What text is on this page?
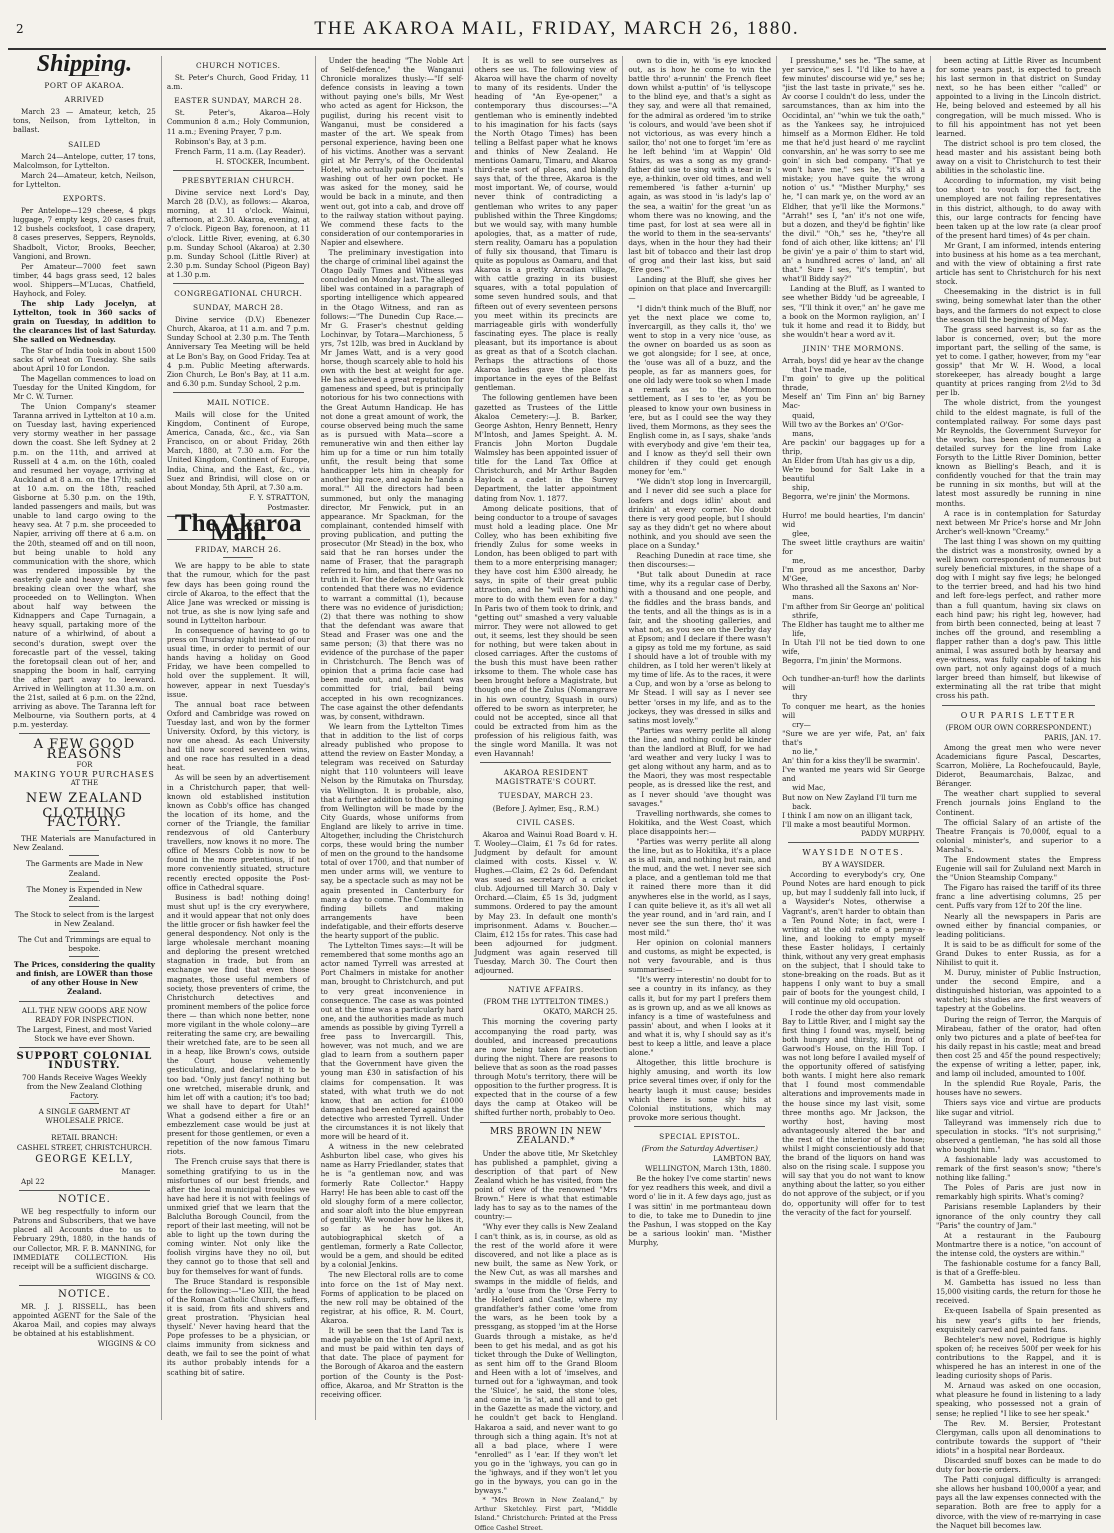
2	THE AKAROA MAIL, FRIDAY, MARCH 26, 1880.
Shipping.

PORT OF AKAROA.

ARRIVED

March 23 — Amateur, ketch, 25 tons, Neilson, from Lyttelton, in ballast.

SAILED

March 24—Antelope, cutter, 17 tons, Malcolmson, for Lyttelton.

March 24—Amateur, ketch, Neilson, for Lyttelton.

EXPORTS.

Per Antelope—129 cheese, 4 pkgs luggage, 7 empty kegs, 20 cases fruit, 12 bushels cocksfoot, 1 case drapery, 8 cases preserves, Seppers, Reynolds, Shadbolt, Victor, Brooks, Beecher, Vangioni, and Brown.

Per Amateur—7000 feet sawn timber, 44 bags grass seed, 12 bales wool. Shippers—M'Lucas, Chatfield, Hayhock, and Foley.

The ship Lady Jocelyn, at Lyttelton, took in 360 sacks of grain on Tuesday, in addition to the clearances list of last Saturday. She sailed on Wednesday.

The Star of India took in about 1500 sacks of wheat on Tuesday. She sails about April 10 for London.

The Magellan commences to load on Tuesday for the United Kingdom, for Mr C. W. Turner.

The Union Company's steamer Taranna arrived in Lyttelton at 10 a.m. on Tuesday last, having experienced very stormy weather in her passage down the coast. She left Sydney at 2 p.m. on the 11th, and arrived at Russell at 4 a.m. on the 16th, coaled and resumed her voyage, arriving at Auckland at 8 a.m. on the 17th; sailed at 10 a.m. on the 18th, reached Gisborne at 5.30 p.m. on the 19th, landed passengers and mails, but was unable to land cargo owing to the heavy sea. At 7 p.m. she proceeded to Napier, arriving off there at 6 a.m. on the 20th, steamed off and on till noon, but being unable to hold any communication with the shore, which was rendered impossible by the easterly gale and heavy sea that was breaking clean over the wharf, she proceeded on to Wellington. When about half way between the Kidnappers and Cape Turnagain, a heavy squall, partaking more of the nature of a whirlwind, of about a second's duration, swept over the forecastle part of the vessel, taking the foretopsail clean out of her, and snapping the boom in half, carrying the after part away to leeward. Arrived in Wellington at 11.30 a.m. on the 21st, sailed at 6 p.m. on the 22nd, arriving as above. The Taranna left for Melbourne, via Southern ports, at 4 p.m. yesterday.

A FEW GOOD REASONS
FOR
MAKING YOUR PURCHASES
AT THE
NEW ZEALAND
CLOTHING FACTORY.

THE Materials are Manufactured in New Zealand.

The Garments are Made in New Zealand.

The Money is Expended in New Zealand.

The Stock to select from is the largest in New Zealand.

The Cut and Trimmings are equal to bespoke.

The Prices, considering the quality and finish, are LOWER than those of any other House in New Zealand.

ALL THE NEW GOODS ARE NOW READY FOR INSPECTION.

The Largest, Finest, and most Varied Stock we have ever Shown.

SUPPORT COLONIAL INDUSTRY.

700 Hands Receive Wages Weekly from the New Zealand Clothing Factory.

A SINGLE GARMENT AT WHOLESALE PRICE.

RETAIL BRANCH:

CASHEL STREET, CHRISTCHURCH.

GEORGE KELLY,

Manager.

Apl 22

NOTICE.

WE beg respectfully to inform our Patrons and Subscribers, that we have placed all Accounts due to us to February 29th, 1880, in the hands of our Collector, MR. F. B. MANNING, for IMMEDIATE COLLECTION. His receipt will be a sufficient discharge.

WIGGINS & CO.

NOTICE.

MR. J. J. RISSELL, has been appointed AGENT for the Sale of the Akaroa Mail, and copies may always be obtained at his establishment.

WIGGINS & CO

CHURCH NOTICES.

St. Peter's Church, Good Friday, 11 a.m.

EASTER SUNDAY, MARCH 28.

St. Peter's, Akaroa—Holy Communion 8 a.m.; Holy Communion, 11 a.m.; Evening Prayer, 7 p.m.

Robinson's Bay, at 3 p.m.

French Farm, 11 a.m. (Lay Reader).

H. STOCKER, Incumbent.

PRESBYTERIAN CHURCH.

Divine service next Lord's Day, March 28 (D.V.), as follows:— Akaroa, morning, at 11 o'clock. Wainui, afternoon, at 2.30. Akaroa, evening, at 7 o'clock. Pigeon Bay, forenoon, at 11 o'clock. Little River, evening, at 6.30 p.m. Sunday School (Akaroa) at 2.30 p.m. Sunday School (Little River) at 2.30 p.m. Sunday School (Pigeon Bay) at 1.30 p.m.

CONGREGATIONAL CHURCH.

SUNDAY, MARCH 28.

Divine service (D.V.) Ebenezer Church, Akaroa, at 11 a.m. and 7 p.m. Sunday School at 2.30 p.m. The Tenth Anniversary Tea Meeting will be held at Le Bon's Bay, on Good Friday. Tea at 4 p.m. Public Meeting afterwards. Zion Church, Le Bon's Bay, at 11 a.m. and 6.30 p.m. Sunday School, 2 p.m.

MAIL NOTICE.

Mails will close for the United Kingdom, Continent of Europe, America, Canada, &c., &c., via San Francisco, on or about Friday, 26th March, 1880, at 7.30 a.m. For the United Kingdom, Continent of Europe, India, China, and the East, &c., via Suez and Brindisi, will close on or about Monday, 5th April, at 7.30 a.m.

F. Y. STRATTON,

Postmaster.

The Akaroa Mail.

FRIDAY, MARCH 26.

We are happy to be able to state that the rumour, which for the past few days has been going round the circle of Akaroa, to the effect that the Alice Jane was wrecked or missing is not true, as she is now lying safe and sound in Lyttelton harbour.

In consequence of having to go to press on Thursday night instead of our usual time, in order to permit of our hands having a holiday on Good Friday, we have been compelled to hold over the supplement. It will, however, appear in next Tuesday's issue.

The annual boat race between Oxford and Cambridge was rowed on Tuesday last, and won by the former University. Oxford, by this victory, is now one ahead. As each University had till now scored seventeen wins, and one race has resulted in a dead heat.

As will be seen by an advertisement in a Christchurch paper, that well-known old established institution known as Cobb's office has changed the location of its home, and the corner of the Triangle, the familiar rendezvous of old Canterbury travellers, now knows it no more. The office of Messrs Cobb is now to be found in the more pretentious, if not more conveniently situated, structure recently erected opposite the Post-office in Cathedral square.

Business is bad! nothing doing! must shut up! is the cry everywhere, and it would appear that not only does the little grocer or fish hawker feel the general despondency. Not only is the large wholesale merchant moaning and deploring the present wretched stagnation in trade, but from an exchange we find that even those magnates, those useful members of society, those preventers of crime, the Christchurch detectives and prominent members of the police force there — than which none better, none more vigilant in the whole colony—are reiterating the same cry, are bewailing their wretched fate, are to be seen all in a heap, like Brown's cows, outside the Court house vehemently gesticulating, and declaring it to be too bad. "Only just fancy! nothing but one wretched, miserable drunk, and him let off with a caution; it's too bad; we shall have to depart for Utah!" What a godsend either a fire or an embezzlement case would be just at present for those gentlemen, or even a repetition of the now famous Timaru riots.

The French cruise says that there is something gratifying to us in the misfortunes of our best friends, and after the local municipal troubles we have had here it is not with feelings of unmixed grief that we learn that the Balclutha Borough Council, from the report of their last meeting, will not be able to light up the town during the coming winter. Not only like the foolish virgins have they no oil, but they cannot go to those that sell and buy for themselves for want of funds.

The Bruce Standard is responsible for the following:—"Leo XIII, the head of the Roman Catholic Church, suffers, it is said, from fits and shivers and great prostration. 'Physician heal thyself.' Never having heard that the Pope professes to be a physician, or claims immunity from sickness and death, we fail to see the point of what its author probably intends for a scathing bit of satire.

Under the heading "The Noble Art of Self-defence," the Wanganui Chronicle moralizes thusly:—"If self-defence consists in leaving a town without paying one's bills, Mr West who acted as agent for Hickson, the pugilist, during his recent visit to Wanganui, must be considered a master of the art. We speak from personal experience, having been one of his victims. Another was a servant girl at Mr Perry's, of the Occidental Hotel, who actually paid for the man's washing out of her own pocket. He was asked for the money, said he would be back in a minute, and then went out, got into a cab, and drove off to the railway station without paying. We commend these facts to the consideration of our contemporaries in Napier and elsewhere.

The preliminary investigation into the charge of criminal libel against the Otago Daily Times and Witness was concluded on Monday last. The alleged libel was contained in a paragraph of sporting intelligence which appeared in the Otago Witness, and ran as follows:—"The Dunedin Cup Race.—Mr G. Fraser's chestnut gelding Lochinvar, by Totara—Marchioness, 5 yrs, 7st 12lb, was bred in Auckland by Mr James Watt, and is a very good horse, though scarcely able to hold his own with the best at weight for age. He has achieved a great reputation for gameness and speed, but is principally notorious for his two connections with the Great Autumn Handicap. He has not done a great amount of work, the course observed being much the same as is pursued with Mata—score a remunerative win and then either lay him up for a time or run him totally unfit, the result being that some handicapper lets him in cheaply for another big race, and again he 'lands a moral.'" All the directors had been summoned, but only the managing director, Mr Fenwick, put in an appearance. Mr Spackman, for the complainant, contended himself with proving publication, and putting the prosecutor (Mr Stead) in the box, who said that he ran horses under the name of Fraser, that the paragraph referred to him, and that there was no truth in it. For the defence, Mr Garrick contended that there was no evidence to warrant a committal (1), because there was no evidence of jurisdiction; (2) that there was nothing to show that the defendant was aware that Stead and Fraser was one and the same person; (3) that there was no evidence of the purchase of the paper in Christchurch. The Bench was of opinion that a prima facie case had been made out, and defendant was committed for trial, bail being accepted in his own recognizances. The case against the other defendants was, by consent, withdrawn.

We learn from the Lyttelton Times that in addition to the list of corps already published who propose to attend the review on Easter Monday, a telegram was received on Saturday night that 110 volunteers will leave Nelson by the Rimutaka on Thursday, via Wellington. It is probable, also, that a further addition to those coming from Wellington will be made by the City Guards, whose uniforms from England are likely to arrive in time. Altogether, including the Christchurch corps, these would bring the number of men on the ground to the handsome total of over 1700, and that number of men under arms will, we venture to say, be a spectacle such as may not be again presented in Canterbury for many a day to come. The Committee in finding billets and making arrangements have been indefatigable, and their efforts deserve the hearty support of the public.

The Lyttelton Times says:—It will be remembered that some months ago an actor named Tyrrell was arrested at Port Chalmers in mistake for another man, brought to Christchurch, and put to very great inconvenience in consequence. The case as was pointed out at the time was a particularly hard one, and the authorities made as much amends as possible by giving Tyrrell a free pass to Invercargill. This, however, was not much, and we are glad to learn from a southern paper that the Government have given the young man £30 in satisfaction of his claims for compensation. It was stated, with what truth we do not know, that an action for £1000 damages had been entered against the detective who arrested Tyrrell. Under the circumstances it is not likely that more will be heard of it.

A witness in the new celebrated Ashburton libel case, who gives his name as Harry Friedlander, states that he is "a gentleman now, and was formerly Rate Collector." Happy Harry! He has been able to cast off the old sloughy form of a mere collector, and soar aloft into the blue empyrean of gentility. We wonder how he likes it, so far as he has got. An autobiographical sketch of a gentleman, formerly a Rate Collector, would be a gem, and should be edited by a colonial Jenkins.

The new Electoral rolls are to come into force on the 1st of May next. Forms of application to be placed on the new roll may be obtained of the registrar, at his office, R. M. Court, Akaroa.

It will be seen that the Land Tax is made payable on the 1st of April next, and must be paid within ten days of that date. The place of payment for the Borough of Akaroa and the eastern portion of the County is the Post-office, Akaroa, and Mr Stratton is the receiving officer.

It is as well to see ourselves as others see us. The following view of Akaroa will have the charm of novelty to many of its residents. Under the heading of "An Eye-opener," a contemporary thus discourses:—"A gentleman who is eminently indebted to his imagination for his facts (says the North Otago Times) has been telling a Belfast paper what he knows and thinks of New Zealand. He mentions Oamaru, Timaru, and Akaroa third-rate sort of places, and blandly says that, of the three, Akaroa is the most important. We, of course, would never think of contradicting a gentleman who writes to any paper published within the Three Kingdoms; but we would say, with many humble apologies, that, as a matter of rude, stern reality, Oamaru has a population of fully six thousand, that Timaru is quite as populous as Oamaru, and that Akaroa is a pretty Arcadian village, with cattle grazing in its busiest squares, with a total population of some seven hundred souls, and that fifteen out of every seventeen persons you meet within its precincts are marriageable girls with wonderfully fascinating eyes. The place is really pleasant, but its importance is about as great as that of a Scotch clachan. Perhaps the attractions of those Akaroa ladies gave the place its importance in the eyes of the Belfast gentleman.

The following gentlemen have been gazetted as Trustees of the Little Akaloa Cemetery:—J. B. Barker, George Ashton, Henry Bennett, Henry M'Intosh, and James Speight. A. M. Francis John Morton Dugdale Walmsley has been appointed issuer of title for the Land Tax Office at Christchurch, and Mr Arthur Bagden Haylock a cadet in the Survey Department, the latter appointment dating from Nov. 1. 1877.

Among delicate positions, that of being conductor to a troupe of savages must hold a leading place. One Mr Colley, who has been exhibiting five friendly Zulus for some weeks in London, has been obliged to part with them to a more enterprising manager; they have cost him £300 already, he says, in spite of their great public attraction, and he "will have nothing more to do with them even for a day." In Paris two of them took to drink, and "getting out" smashed a very valuable mirror. They were not allowed to get out, it seems, lest they should be seen for nothing, but were taken about in closed carriages. After the customs of the bush this must have been rather irksome to them. The whole case has been brought before a Magistrate, but though one of the Zulus (Nomangrave in his own country, Squash in ours) offered to be sworn as interpreter, he could not be accepted, since all that could be extracted from him as the profession of his religious faith, was the single word Manilla. It was not even Havannah!

AKAROA RESIDENT MAGISTRATE'S COURT.

TUESDAY, MARCH 23.

(Before J. Aylmer, Esq., R.M.)

CIVIL CASES.

Akaroa and Wainui Road Board v. H. T. Wooley—Claim, £1 7s 6d for rates. Judgment by default for amount claimed with costs. Kissel v. W. Hughes.—Claim, £2 2s 6d. Defendant was sued as secretary of a cricket club. Adjourned till March 30. Daly v Orchard.—Claim, £5 1s 3d, judgment summons. Ordered to pay the amount by May 23. In default one month's imprisonment. Adams v. Boucher.—Claim, £12 15s for rates. This case had been adjourned for judgment. Judgment was again reserved till Tuesday, March 30. The Court then adjourned.

NATIVE AFFAIRS.

(FROM THE LYTTELTON TIMES.)

OKATO, MARCH 25.

This morning the covering party accompanying the road party, was doubled, and increased precautions are now being taken for protection during the night. There are reasons to believe that as soon as the road passes through Motu's territory, there will be opposition to the further progress. It is expected that in the course of a few days the camp at Otakeo will be shifted further north, probably to Oeo.

MRS BROWN IN NEW ZEALAND.*

Under the above title, Mr Sketchley has published a pamphlet, giving a description of that part of New Zealand which he has visited, from the point of view of the renowned "Mrs Brown." Here is what that estimable lady has to say as to the names of the country:—

"Why ever they calls is New Zealand I can't think, as is, in course, as old as the rest of the world afore it were discovered, and not like a place as is new built, the same as New York, or the New Cut, as was all marshes and swamps in the middle of fields, and 'ardly a 'ouse from the 'Orse Ferry to the Holeford and Castle, where my grandfather's father come 'ome from the wars, as he been took by a pressgang, as stopped 'im at the Horse Guards through a mistake, as he'd been to get his medal, and as got his ticket through the Duke of Wellington, as sent him off to the Grand Bloom and Heen with a lot of 'imselves, and turned out for a 'ighwayman, and took the 'Sluice', he said, the stone 'oles, and come in 'is 'at, and all and to get in the Gazette as made the victory, and he couldn't get back to Hengland. Hakaroa a said, and never want to go through sich a thing again. It's not at all a bad place, where I were "enrolled" as I 'ear. If they won't let you go in the 'ighways, you can go in the 'ighways, and if they won't let you go in the byways, you can go in the byways."

* "Mrs Brown in New Zealand," by Arthur Sketchley. First part, "Middle Island." Christchurch: Printed at the Press Office Cashel Street.

own to die in, with 'is eye knocked out, as is how he come to win the battle thro' a-runnin' the French fleet down whilst a-puttin' of 'is tellyscope to the blind eye, and that's a sight as they say, and were all that remained, for the admiral as ordered 'im to strike 'is colours, and would 'ave been shot if not victorious, as was every hinch a sailor, tho' not one to forget 'im 'ere as he left behind 'im at Wappin' Old Stairs, as was a song as my grand-father did use to sing with a tear in 's eye, a-thinkin, over old times, and well remembered 'is father a-turnin' up again, as was stood in 'is lady's lap o' the sea, a waitin' for the great 'un as whom there was no knowing, and the time past, for lost at sea were all in the world to them in the sea-servants' days, when in the hour they had their last bit of tobacco and their last drop of grog and their last kiss, but said 'Ere goes.'"

Landing at the Bluff, she gives her opinion on that place and Invercargill:—

"I didn't think much of the Bluff, nor yet the next place we come to, Invercargill, as they calls it, tho' we went to stop in a very nice 'ouse, as the owner on boarded us as soon as we got alongside; for I see, at once, the 'ouse was all of a buzz, and the people, as far as manners goes, for one old lady were took so when I made a remark as to the Mormon settlement, as I ses to 'er, as you be pleased to know your own business in 'ere, but as I could see the way they lived, them Mormons, as they sees the English come in, as I says, shake 'ands with everybody and give 'em their tea, and I know as they'd sell their own children if they could get enough money for 'em."

"We didn't stop long in Invercargill, and I never did see such a place for loafers and dogs idlin' about and drinkin' at every corner. No doubt there is very good people, but I should say as they didn't get no where about nothink, and you should ave seen the place on a Sunday."

Reaching Dunedin at race time, she then discourses:—

"But talk about Dunedin at race time, why its a regular case of Derby, with a thousand and one people, and the fiddles and the brass bands, and the tents, and all the things as is in a fair, and the shooting galleries, and what not, as you see on the Derby day at Epsom; and I declare if there wasn't a gipsy as told me my fortune, as said I should have a lot of trouble with my children, as I told her weren't likely at my time of life. As to the races, it were a Cup, and won by a 'orse as belong to Mr Stead. I will say as I never see better 'orses in my life, and as to the jockeys, they was dressed in silks and satins most lovely."

"Parties was werry perlite all along the line, and nothing could be kinder than the landlord at Bluff, for we had 'ard weather and very lucky I was to get along without any harm, and as to the Maori, they was most respectable people, as is dressed like the rest, and as I never should 'ave thought was savages."

Travelling northwards, she comes to Hokitika, and the West Coast, which place disappoints her:—

"Parties was werry perlite all along the line, but as to Hokitika, it's a place as is all rain, and nothing but rain, and the mud, and the wet. I never see sich a place, and a gentleman told me that it rained there more than it did anywheres else in the world, as I says, I can quite believe it, as it's all wet all the year round, and in 'ard rain, and I never see the sun there, tho' it was most mild."

Her opinion on colonial manners and customs, as might be expected, is not very favourable, and is thus summarised:—

"It's werry interestin' no doubt for to see a country in its infancy, as they calls it, but for my part I prefers them as is grown up, and as we all knows as infancy is a time of wastefulness and passin' about, and when I looks at it and what it is, why I should say as it's best to keep a little, and leave a place alone."

Altogether, this little brochure is highly amusing, and worth its low price several times over, if only for the hearty laugh it must cause; besides which there is some sly hits at Colonial institutions, which may provoke more serious thought.

SPECIAL EPISTOL.

(From the Saturday Advertiser.)

LAMBTON BAY,

WELLINGTON, March 13th, 1880.

Be the hokey I've come startin' news for yez readhers this week, and divil a word o' lie in it. A few days ago, just as I was sittin' in me portmanteau down to die, to take me to Dunedin to jine the Pashun, I was stopped on the Kay be a sarious lookin' man. "Misther Murphy,

I presshume," ses he. "The same, at yer sarvice," ses I. "I'd like to have a few minutes' discourse wid ye," ses he; "jist the last taste in private," ses he. Av coorse I couldn't do less, under the sarcumstances, than ax him into the Occidintal, an' "whin we tuk the oath," as the Yankees say, he introjuiced himself as a Mormon Eldher. He told me that he'd just heard o' me rayclint convarshin, an' he was sorry to see me goin' in sich bad company. "That ye won't have me," ses he, "it's all a mistake; you have quite the wrong notion o' us." "Misther Murphy," ses he, "I can mark ye, on the word av an Eldher, that ye'll like the Mormons." "Arrah!" ses I, "an' it's not one wife, but a dozen, and they'd be fightin' like the divil." "Oh," ses he, "they're all fond of aich other, like kittens; an' I'll be givin' ye a pair o' thim to start wid, an' a hundhred acres o' land, an' all that." Sure I ses, "it's temptin', but what'll Biddy say?"

Landing at the Bluff, as I wanted to see whether Biddy 'ud be agreeable, I ses, "I'll think it over," an' he gave me a book on the Mormon rayligion, an' I tuk it home and read it to Biddy, but she wouldn't hear a word av it.

JININ' THE MORMONS.

Arrah, boys! did ye hear av the change

that I've made,

I'm goin' to give up the political thrade,

Meself an' Tim Finn an' big Barney Mac-

quaid,

Will two av the Borkes an' O'Gor-

mans,

Are packin' our baggages up for a thrip,

An Elder from Utah has giv us a dip,

We're bound for Salt Lake in a beautiful

ship,

Begorra, we're jinin' the Mormons.

Hurro! me bould hearties, I'm dancin' wid

glee,

The sweet little craythurs are waitin' for

me,

I'm proud as me ancesthor, Darby M'Gee,

Who thrashed all the Saxons an' Nor-

mans.

I'm afther from Sir George an' political

sthrife,

The Eldher has taught me to alther me

life,

In Utah I'll not be tied down to one wife,

Begorra, I'm jinin' the Mormons.

Och tundher-an-turf! how the darlints will

thry

To conquer me heart, as the honies will

cry—

"Sure we are yer wife, Pat, an' faix that's

no lie,"

An' thin for a kiss they'll be swarmin'.

I've wanted me years wid Sir George and

wid Mac,

But now on New Zayland I'll turn me

back.

I think I am now on an illigant tack,

I'll make a most beautiful Mormon.

PADDY MURPHY.

WAYSIDE NOTES.

BY A WAYSIDER.

According to everybody's cry, One Pound Notes are hard enough to pick up, but may I suddenly fall into luck, if a Waysider's Notes, otherwise a Vagrant's, aren't harder to obtain than a Ten Pound Note; in fact, were I writing at the old rate of a penny-a-line, and looking to empty myself these Easter holidays, I certainly think, without any very great emphasis on the subject, that I should take to stone-breaking on the roads. But as it happens I only want to buy a small pair of boots for the youngest child, I will continue my old occupation.

I rode the other day from your lovely Bay to Little River, and I might say the first thing I found was, myself, being both hungry and thirsty, in front of Garwood's House, on the Hill Top. I was not long before I availed myself of the opportunity offered of satisfying both wants. I might here also remark that I found most commendable alterations and improvements made in the house since my last visit, some three months ago. Mr Jackson, the worthy host, having most advantageously altered the bar and the rest of the interior of the house; whilst I might conscientiously add that the brand of the liquors on hand was also on the rising scale. I suppose you will say that you do not want to know anything about the latter, so you either do not approve of the subject, or if you do, opportunity will offer for to test the veracity of the fact for yourself.

been acting at Little River as Incumbent for some years past, is expected to preach his last sermon in that district on Sunday next, so he has been either "called" or appointed to a living in the Lincoln district. He, being beloved and esteemed by all his congregation, will be much missed. Who is to fill his appointment has not yet been learned.

The district school is pro tem closed, the head master and his assistant being both away on a visit to Christchurch to test their abilities in the scholastic line.

According to information, my visit being too short to vouch for the fact, the unemployed are not failing representatives in this district, although, to do away with this, our large contracts for fencing have been taken up at the low rate (a clear proof of the present hard times) of 4s per chain.

Mr Grant, I am informed, intends entering into business at his home as a tea merchant, and with the view of obtaining a first rate article has sent to Christchurch for his next stock.

Cheesemaking in the district is in full swing, being somewhat later than the other bays, and the farmers do not expect to close the season till the beginning of May.

The grass seed harvest is, so far as the labor is concerned, over; but the more important part, the selling of the same, is yet to come. I gather, however, from my "ear gossip" that Mr W. H. Wood, a local storekeeper, has already bought a large quantity at prices ranging from 2½d to 3d per lb.

The whole district, from the youngest child to the eldest magnate, is full of the contemplated railway. For some days past Mr Reynolds, the Government Surveyor for the works, has been employed making a detailed survey for the line from Lake Forsyth to the Little River Dominion, better known as Bielling's Beach, and it is confidently vouched for that the train may be running in six months, but will at the latest most assuredly be running in nine months.

A race is in contemplation for Saturday next between Mr Price's horse and Mr John Archer's well-known "Creamy."

The last thing I was shown on my quitting the district was a monstrosity, owned by a well known correspondent of numerous but surely beneficial mixtures, in the shape of a dog with I might say five legs; he belonged to the terrier breed, and had his two hind and left fore-legs perfect, and rather more than a full quantum, having six claws on each hind paw; his right leg, however, had from birth been connected, being at least 7 inches off the ground, and resembling a flapper rather than a dog's paw. This little animal, I was assured both by hearsay and eye-witness, was fully capable of taking his own part, not only against dogs of a much larger breed than himself, but likewise of exterminating all the rat tribe that might cross his path.

OUR PARIS LETTER

(FROM OUR OWN CORRESPONDENT.)

PARIS, JAN. 17.

Among the great men who were never Academicians figure Pascal, Descartes, Scarron, Molière, La Rochefoucauld, Bayle, Diderot, Beaumarchais, Balzac, and Béranger.

The weather chart supplied to several French journals joins England to the Continent.

The official Salary of an artiste of the Theatre Français is 70,000f, equal to a colonial minister's, and superior to a Marshal's.

The Endowment states the Empress Eugenie will sail for Zululand next March in the "Union Steamship Company."

The Figaro has raised the tariff of its three franc a line advertising columns, 25 per cent. Puffs vary from 12f to 20f the line.

Nearly all the newspapers in Paris are owned either by financial companies, or leading politicians.

It is said to be as difficult for some of the Grand Dukes to enter Russia, as for a Nihilist to quit it.

M. Duruy, minister of Public Instruction, under the second Empire, and a distinguished historian, was appointed to a watchet; his studies are the first weavers of tapestry at the Gobelins.

During the reign of Terror, the Marquis of Mirabeau, father of the orator, had often only two pictures and a plate of beef-tea for his daily repast in his castle; meat and bread then cost 25 and 45f the pound respectively; the expense of writing a letter, paper, ink, and lamp oil included, amounted to 100f.

In the splendid Rue Royale, Paris, the houses have no sewers.

Thiers says vice and virtue are products like sugar and vitriol.

Talleyrand was immensely rich due to speculation in stocks. "It's not surprising," observed a gentleman, "he has sold all those who bought him."

A fashionable lady was accustomed to remark of the first season's snow; "there's nothing like falling."

The Poles of Paris are just now in remarkably high spirits. What's coming?

Parisians resemble Laplanders by their ignorance of the only country they call "Paris" the country of Jam."

At a restaurant in the Faubourg Montmartre there is a notice, "on account of the intense cold, the oysters are within."

The fashionable costume for a fancy Ball, is that of a Greffe-bleu.

M. Gambetta has issued no less than 15,000 visiting cards, the return for those he received.

Ex-queen Isabella of Spain presented as his new year's gifts to her friends, exquisitely carved and painted fans.

Bechteler's new novel, Rodrigue is highly spoken of; he receives 500f per week for his contributions to the Rappel, and it is whispered he has an interest in one of the leading curiosity shops of Paris.

M. Arnaud was asked on one occasion, what pleasure he found in listening to a lady speaking, who possessed not a grain of sense; he replied "I like to see her speak."

The Rev. M. Bersier, Protestant Clergyman, calls upon all denominations to contribute towards the support of "their idiots" in a hospital near Bordeaux.

Discarded snuff boxes can be made to do duty for box-rie orders.

The Patti conjugal difficulty is arranged: she allows her husband 100,000f a year, and pays all the law expenses connected with the separation. Both are free to apply for a divorce, with the view of re-marrying in case the Naquet bill becomes law.
